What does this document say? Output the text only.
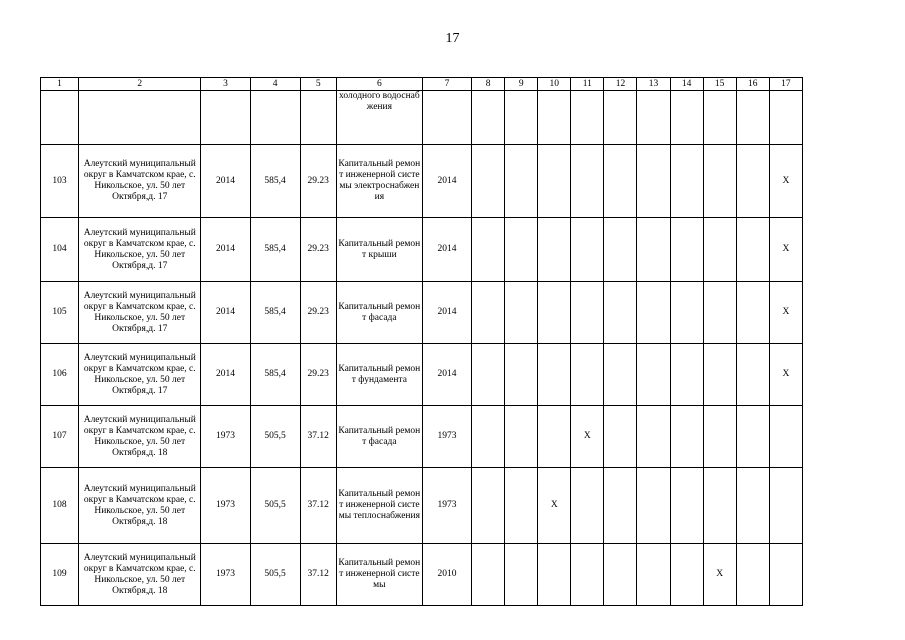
17
1	2	3	4	5	6	7	8	9	10	11	12	13	14	15	16	17
					холодного водоснабжения											
103	Алеутский муниципальный округ в Камчатском крае, с. Никольское, ул. 50 лет Октября,д. 17	2014	585,4	29.23	Капитальный ремонт инженерной системы электроснабжения	2014										X
104	Алеутский муниципальный округ в Камчатском крае, с. Никольское, ул. 50 лет Октября,д. 17	2014	585,4	29.23	Капитальный ремонт крыши	2014										X
105	Алеутский муниципальный округ в Камчатском крае, с. Никольское, ул. 50 лет Октября,д. 17	2014	585,4	29.23	Капитальный ремонт фасада	2014										X
106	Алеутский муниципальный округ в Камчатском крае, с. Никольское, ул. 50 лет Октября,д. 17	2014	585,4	29.23	Капитальный ремонт фундамента	2014										X
107	Алеутский муниципальный округ в Камчатском крае, с. Никольское, ул. 50 лет Октября,д. 18	1973	505,5	37.12	Капитальный ремонт фасада	1973				X						
108	Алеутский муниципальный округ в Камчатском крае, с. Никольское, ул. 50 лет Октября,д. 18	1973	505,5	37.12	Капитальный ремонт инженерной системы теплоснабжения	1973			X							
109	Алеутский муниципальный округ в Камчатском крае, с. Никольское, ул. 50 лет Октября,д. 18	1973	505,5	37.12	Капитальный ремонт инженерной системы	2010								X		
